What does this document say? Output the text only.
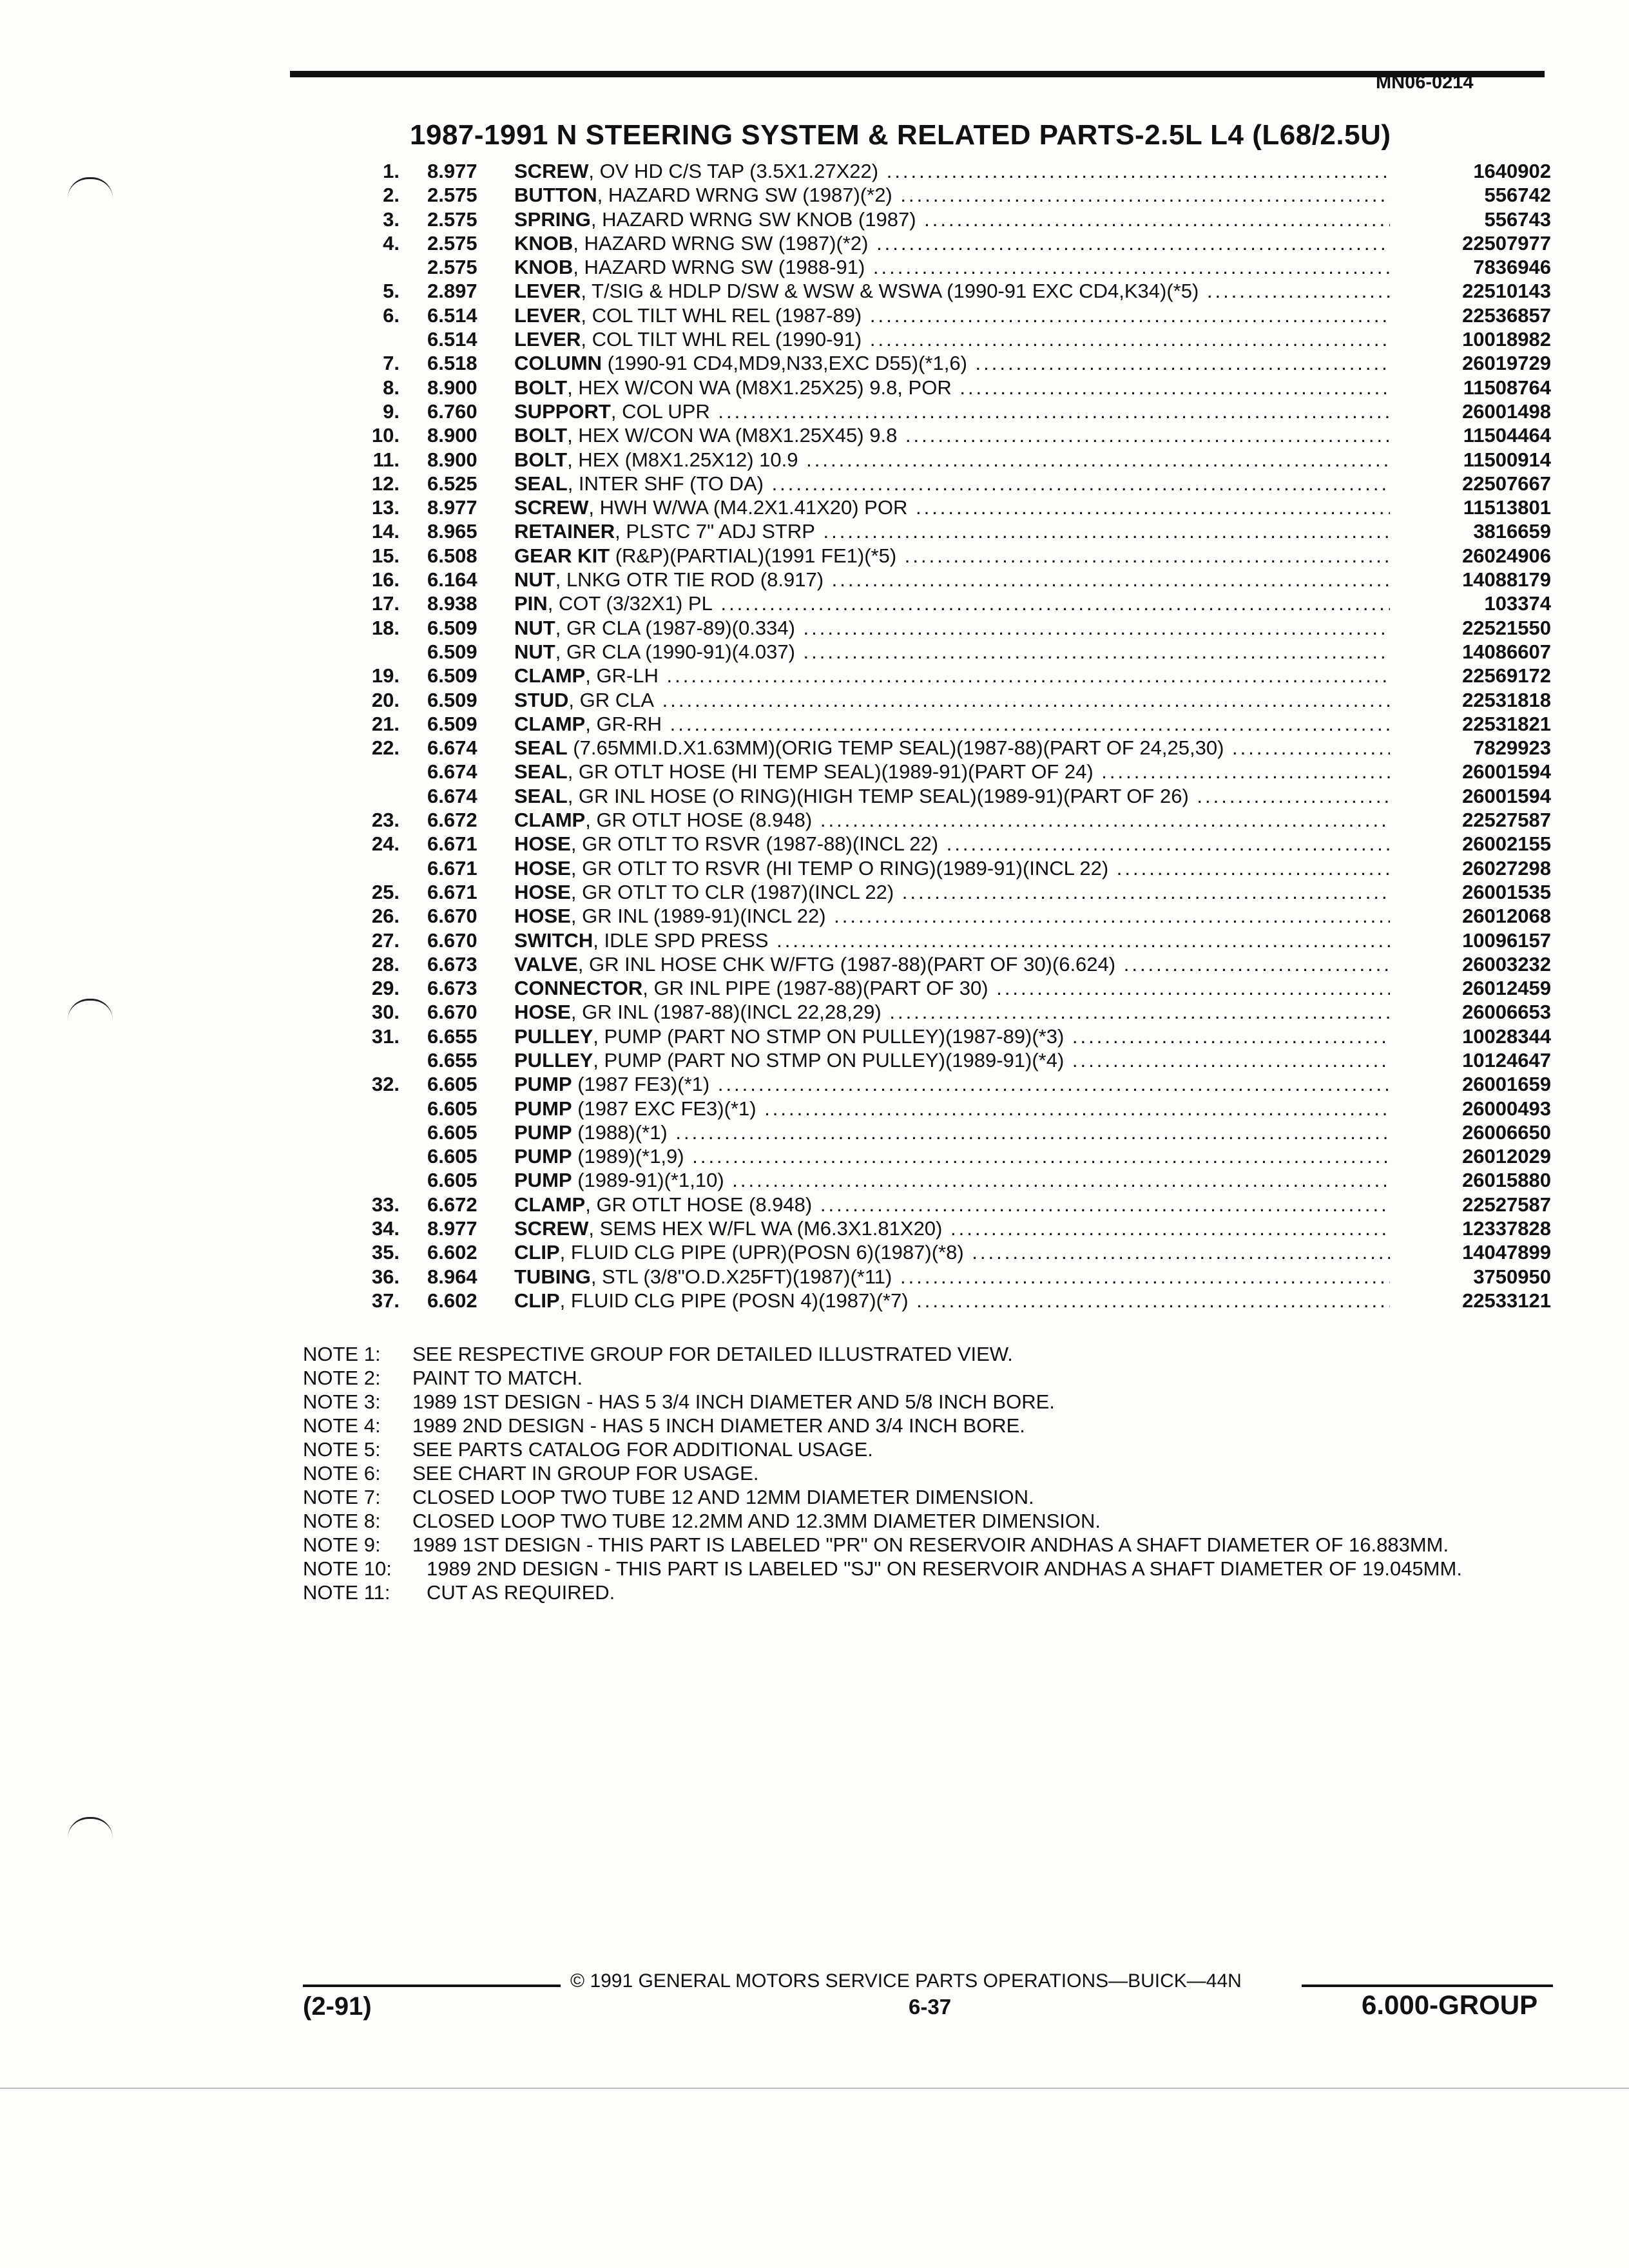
MN06-0214
1987-1991 N STEERING SYSTEM & RELATED PARTS-2.5L L4 (L68/2.5U)
1. 8.977 SCREW, OV HD C/S TAP (3.5X1.27X22) .....	1640902
2. 2.575 BUTTON, HAZARD WRNG SW (1987)(*2) .....	556742
3. 2.575 SPRING, HAZARD WRNG SW KNOB (1987) .....	556743
4. 2.575 KNOB, HAZARD WRNG SW (1987)(*2) .....	22507977
2.575 KNOB, HAZARD WRNG SW (1988-91) .....	7836946
5. 2.897 LEVER, T/SIG & HDLP D/SW & WSW & WSWA (1990-91 EXC CD4,K34)(*5) .....	22510143
6. 6.514 LEVER, COL TILT WHL REL (1987-89) .....	22536857
6.514 LEVER, COL TILT WHL REL (1990-91) .....	10018982
7. 6.518 COLUMN (1990-91 CD4,MD9,N33,EXC D55)(*1,6) .....	26019729
8. 8.900 BOLT, HEX W/CON WA (M8X1.25X25) 9.8, POR .....	11508764
9. 6.760 SUPPORT, COL UPR .....	26001498
10. 8.900 BOLT, HEX W/CON WA (M8X1.25X45) 9.8 .....	11504464
11. 8.900 BOLT, HEX (M8X1.25X12) 10.9 .....	11500914
12. 6.525 SEAL, INTER SHF (TO DA) .....	22507667
13. 8.977 SCREW, HWH W/WA (M4.2X1.41X20) POR .....	11513801
14. 8.965 RETAINER, PLSTC 7" ADJ STRP .....	3816659
15. 6.508 GEAR KIT (R&P)(PARTIAL)(1991 FE1)(*5) .....	26024906
16. 6.164 NUT, LNKG OTR TIE ROD (8.917) .....	14088179
17. 8.938 PIN, COT (3/32X1) PL .....	103374
18. 6.509 NUT, GR CLA (1987-89)(0.334) .....	22521550
6.509 NUT, GR CLA (1990-91)(4.037) .....	14086607
19. 6.509 CLAMP, GR-LH .....	22569172
20. 6.509 STUD, GR CLA .....	22531818
21. 6.509 CLAMP, GR-RH .....	22531821
22. 6.674 SEAL (7.65MMI.D.X1.63MM)(ORIG TEMP SEAL)(1987-88)(PART OF 24,25,30) .....	7829923
6.674 SEAL, GR OTLT HOSE (HI TEMP SEAL)(1989-91)(PART OF 24) .....	26001594
6.674 SEAL, GR INL HOSE (O RING)(HIGH TEMP SEAL)(1989-91)(PART OF 26) .....	26001594
23. 6.672 CLAMP, GR OTLT HOSE (8.948) .....	22527587
24. 6.671 HOSE, GR OTLT TO RSVR (1987-88)(INCL 22) .....	26002155
6.671 HOSE, GR OTLT TO RSVR (HI TEMP O RING)(1989-91)(INCL 22) .....	26027298
25. 6.671 HOSE, GR OTLT TO CLR (1987)(INCL 22) .....	26001535
26. 6.670 HOSE, GR INL (1989-91)(INCL 22) .....	26012068
27. 6.670 SWITCH, IDLE SPD PRESS .....	10096157
28. 6.673 VALVE, GR INL HOSE CHK W/FTG (1987-88)(PART OF 30)(6.624) .....	26003232
29. 6.673 CONNECTOR, GR INL PIPE (1987-88)(PART OF 30) .....	26012459
30. 6.670 HOSE, GR INL (1987-88)(INCL 22,28,29) .....	26006653
31. 6.655 PULLEY, PUMP (PART NO STMP ON PULLEY)(1987-89)(*3) .....	10028344
6.655 PULLEY, PUMP (PART NO STMP ON PULLEY)(1989-91)(*4) .....	10124647
32. 6.605 PUMP (1987 FE3)(*1) .....	26001659
6.605 PUMP (1987 EXC FE3)(*1) .....	26000493
6.605 PUMP (1988)(*1) .....	26006650
6.605 PUMP (1989)(*1,9) .....	26012029
6.605 PUMP (1989-91)(*1,10) .....	26015880
33. 6.672 CLAMP, GR OTLT HOSE (8.948) .....	22527587
34. 8.977 SCREW, SEMS HEX W/FL WA (M6.3X1.81X20) .....	12337828
35. 6.602 CLIP, FLUID CLG PIPE (UPR)(POSN 6)(1987)(*8) .....	14047899
36. 8.964 TUBING, STL (3/8"O.D.X25FT)(1987)(*11) .....	3750950
37. 6.602 CLIP, FLUID CLG PIPE (POSN 4)(1987)(*7) .....	22533121
NOTE 1:	SEE RESPECTIVE GROUP FOR DETAILED ILLUSTRATED VIEW.
NOTE 2:	PAINT TO MATCH.
NOTE 3:	1989 1ST DESIGN - HAS 5 3/4 INCH DIAMETER AND 5/8 INCH BORE.
NOTE 4:	1989 2ND DESIGN - HAS 5 INCH DIAMETER AND 3/4 INCH BORE.
NOTE 5:	SEE PARTS CATALOG FOR ADDITIONAL USAGE.
NOTE 6:	SEE CHART IN GROUP FOR USAGE.
NOTE 7:	CLOSED LOOP TWO TUBE 12 AND 12MM DIAMETER DIMENSION.
NOTE 8:	CLOSED LOOP TWO TUBE 12.2MM AND 12.3MM DIAMETER DIMENSION.
NOTE 9:	1989 1ST DESIGN - THIS PART IS LABELED "PR" ON RESERVOIR ANDHAS A SHAFT DIAMETER OF 16.883MM.
NOTE 10:	1989 2ND DESIGN - THIS PART IS LABELED "SJ" ON RESERVOIR ANDHAS A SHAFT DIAMETER OF 19.045MM.
NOTE 11:	CUT AS REQUIRED.
© 1991 GENERAL MOTORS SERVICE PARTS OPERATIONS—BUICK—44N
(2-91)	6-37	6.000-GROUP
